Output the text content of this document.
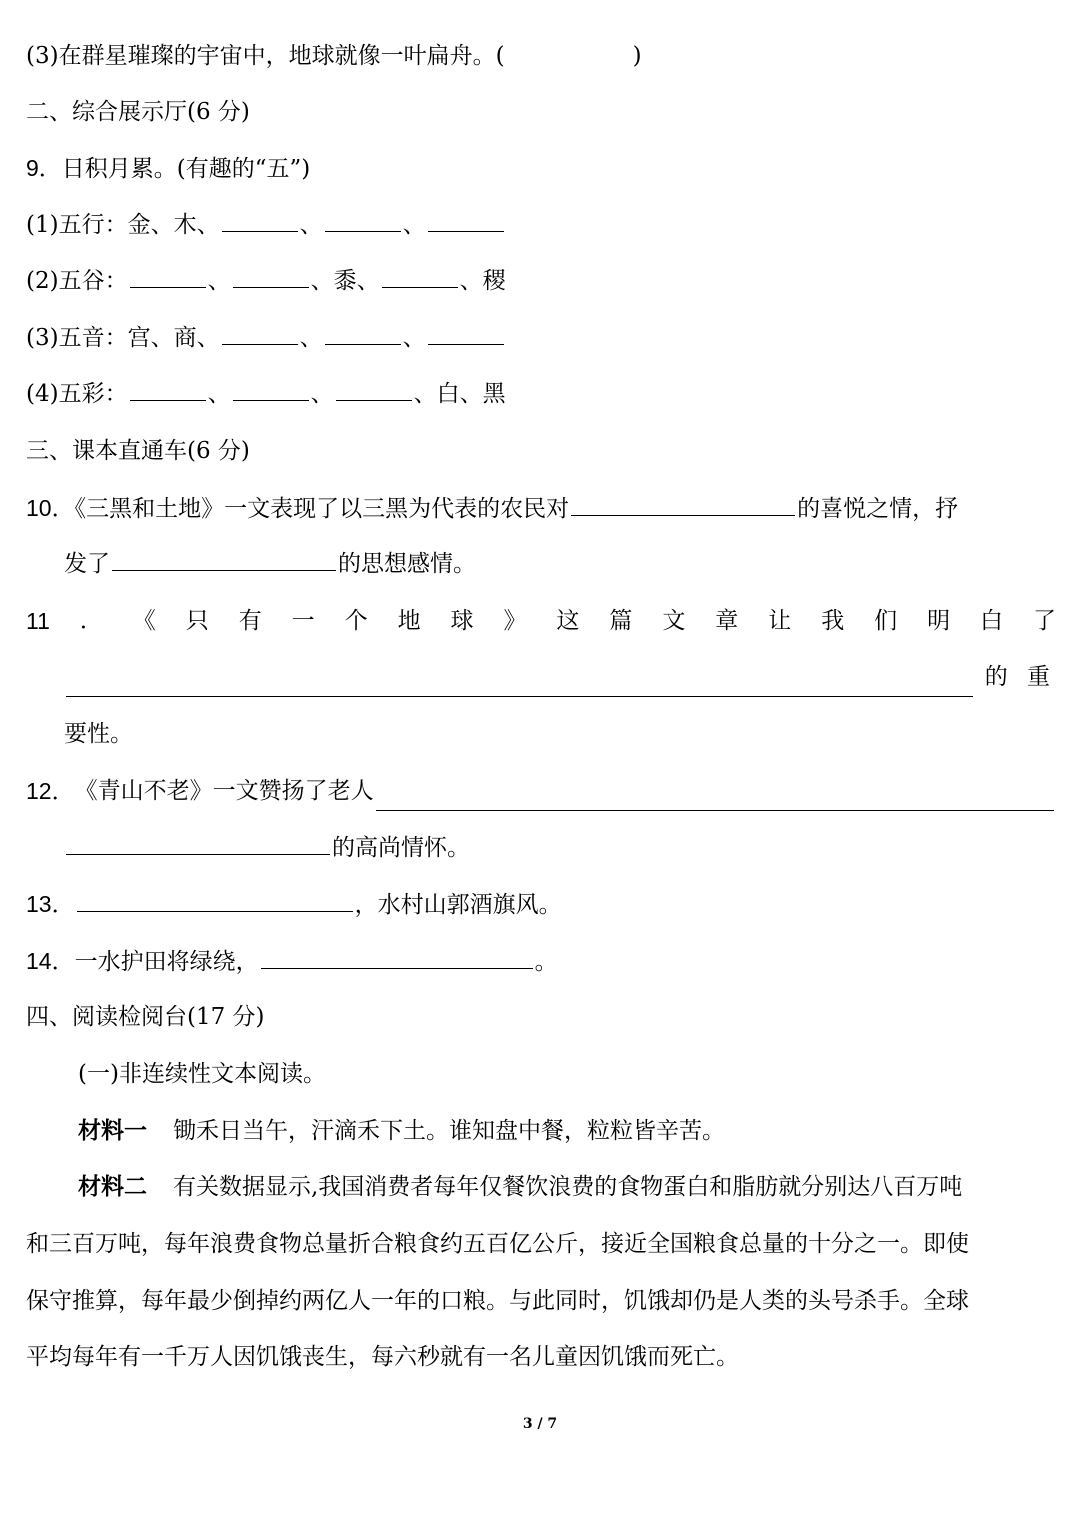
(3)在群星璀璨的宇宙中，地球就像一叶扁舟。(	)
二、综合展示厅(6 分)
9．日积月累。(有趣的“五”)
(1)五行：金、木、	、	、
(2)五谷：	、	、黍、	、稷
(3)五音：宫、商、	、	、
(4)五彩：	、	、	、白、黑
三、课本直通车(6 分)
10．《三黑和土地》一文表现了以三黑为代表的农民对	的喜悦之情，抒
发了	的思想感情。
11 ． 《 只 有 一 个 地 球 》 这 篇 文 章 让 我 们 明 白 了
的 重
要性。
12． 《青山不老》一文赞扬了老人
的高尚情怀。
13．	，水村山郭酒旗风。
14．一水护田将绿绕，	。
四、阅读检阅台(17 分)
(一)非连续性文本阅读。
材料一 锄禾日当午，汗滴禾下土。谁知盘中餐，粒粒皆辛苦。
材料二 有关数据显示,我国消费者每年仅餐饮浪费的食物蛋白和脂肪就分别达八百万吨
和三百万吨，每年浪费食物总量折合粮食约五百亿公斤，接近全国粮食总量的十分之一。即使
保守推算，每年最少倒掉约两亿人一年的口粮。与此同时，饥饿却仍是人类的头号杀手。全球
平均每年有一千万人因饥饿丧生，每六秒就有一名儿童因饥饿而死亡。
3 / 7
